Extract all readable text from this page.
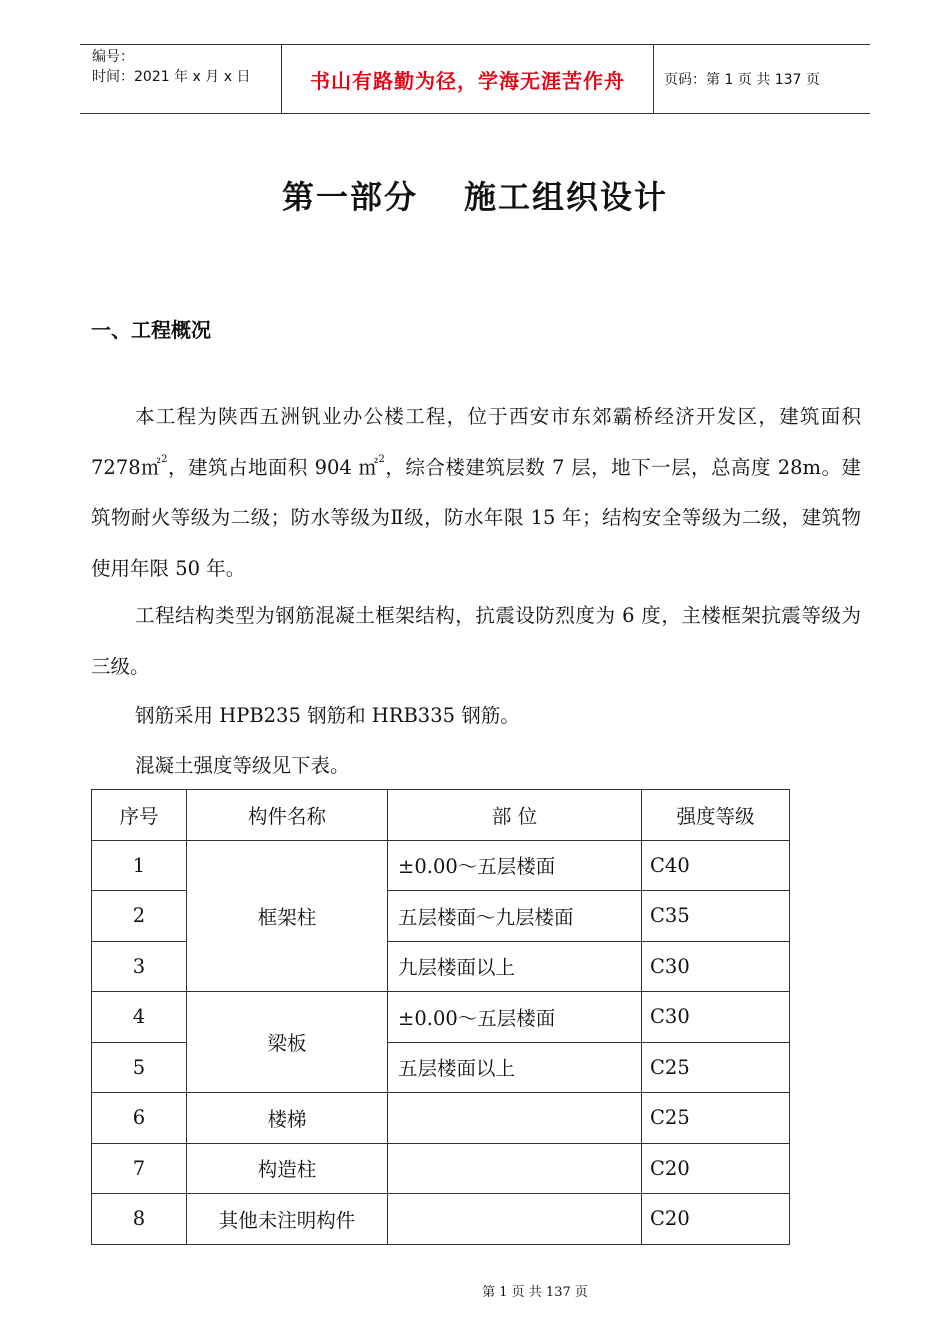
编号：
时间：2021 年 x 月 x 日	书山有路勤为径，学海无涯苦作舟	页码：第 1 页 共 137 页
第一部分 施工组织设计
一、工程概况

本工程为陕西五洲钒业办公楼工程，位于西安市东郊霸桥经济开发区，建筑面积 7278㎡$^2$，建筑占地面积 904 ㎡$^2$，综合楼建筑层数 7 层，地下一层，总高度 28m。建筑物耐火等级为二级；防水等级为Ⅱ级，防水年限 15 年；结构安全等级为二级，建筑物使用年限 50 年。

工程结构类型为钢筋混凝土框架结构，抗震设防烈度为 6 度，主楼框架抗震等级为三级。

钢筋采用 HPB235 钢筋和 HRB335 钢筋。

混凝土强度等级见下表。

序号	构件名称	部 位	强度等级
1	框架柱	±0.00～五层楼面	C40
2		五层楼面～九层楼面	C35
3		九层楼面以上	C30
4	梁板	±0.00～五层楼面	C30
5		五层楼面以上	C25
6	楼梯		C25
7	构造柱		C20
8	其他未注明构件		C20
第 1 页 共 137 页
